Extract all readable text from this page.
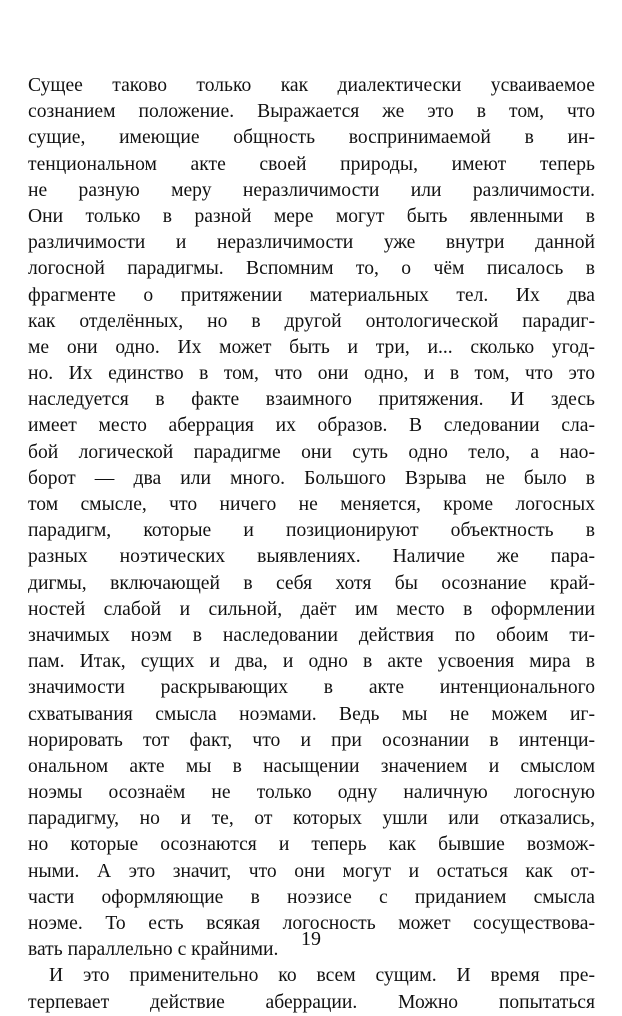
Сущее таково только как диалектически усваиваемое
сознанием положение. Выражается же это в том, что
сущие, имеющие общность воспринимаемой в ин-
тенциональном акте своей природы, имеют теперь
не разную меру неразличимости или различимости.
Они только в разной мере могут быть явленными в
различимости и неразличимости уже внутри данной
логосной парадигмы. Вспомним то, о чём писалось в
фрагменте о притяжении материальных тел. Их два
как отделённых, но в другой онтологической парадиг-
ме они одно. Их может быть и три, и... сколько угод-
но. Их единство в том, что они одно, и в том, что это
наследуется в факте взаимного притяжения. И здесь
имеет место аберрация их образов. В следовании сла-
бой логической парадигме они суть одно тело, а нао-
борот — два или много. Большого Взрыва не было в
том смысле, что ничего не меняется, кроме логосных
парадигм, которые и позиционируют объектность в
разных ноэтических выявлениях. Наличие же пара-
дигмы, включающей в себя хотя бы осознание край-
ностей слабой и сильной, даёт им место в оформлении
значимых ноэм в наследовании действия по обоим ти-
пам. Итак, сущих и два, и одно в акте усвоения мира в
значимости раскрывающих в акте интенционального
схватывания смысла ноэмами. Ведь мы не можем иг-
норировать тот факт, что и при осознании в интенци-
ональном акте мы в насыщении значением и смыслом
ноэмы осознаём не только одну наличную логосную
парадигму, но и те, от которых ушли или отказались,
но которые осознаются и теперь как бывшие возмож-
ными. А это значит, что они могут и остаться как от-
части оформляющие в ноэзисе с приданием смысла
ноэме. То есть всякая логосность может сосуществова-
вать параллельно с крайними.
И это применительно ко всем сущим. И время пре-
терпевает действие аберрации. Можно попытаться
19
